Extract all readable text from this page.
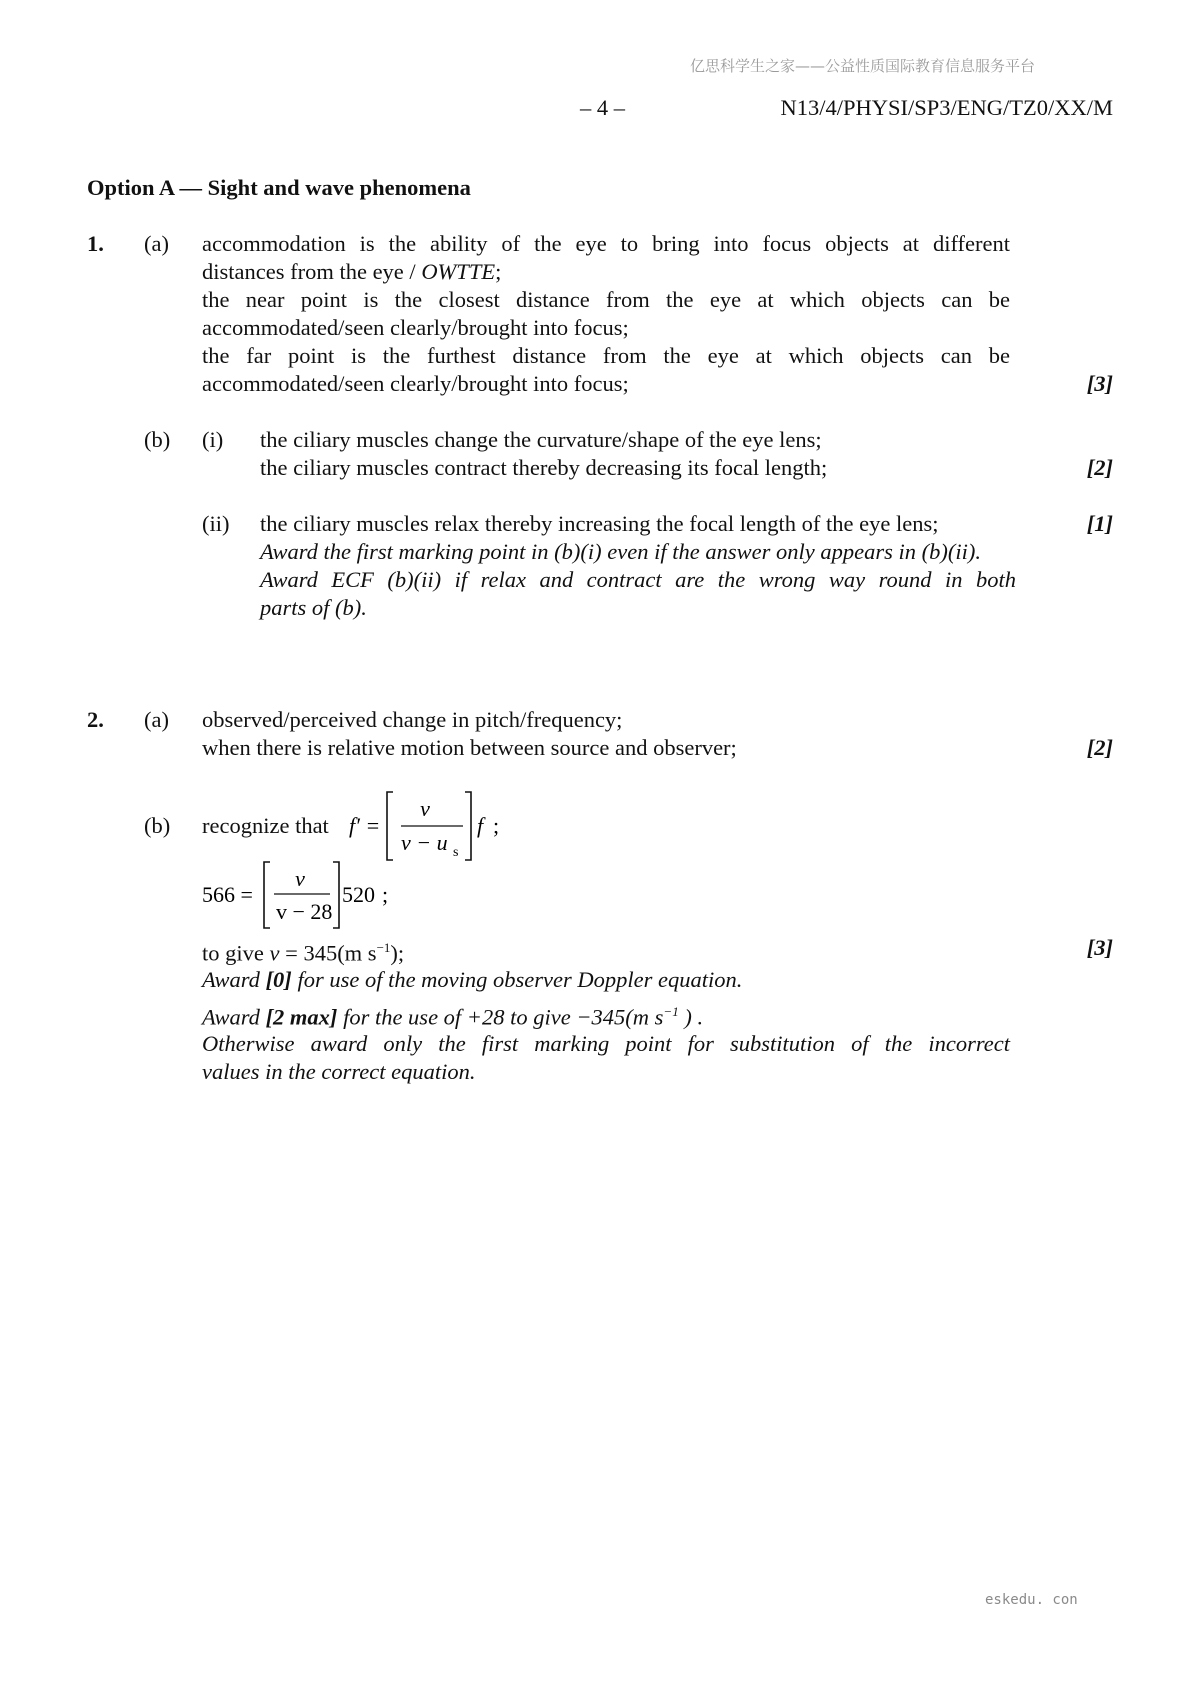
亿思科学生之家——公益性质国际教育信息服务平台
– 4 –	N13/4/PHYSI/SP3/ENG/TZ0/XX/M
Option A — Sight and wave phenomena
1. (a) accommodation is the ability of the eye to bring into focus objects at different
distances from the eye / OWTTE;
the near point is the closest distance from the eye at which objects can be
accommodated/seen clearly/brought into focus;
the far point is the furthest distance from the eye at which objects can be
accommodated/seen clearly/brought into focus;	[3]
(b) (i) the ciliary muscles change the curvature/shape of the eye lens;
the ciliary muscles contract thereby decreasing its focal length;	[2]
(ii) the ciliary muscles relax thereby increasing the focal length of the eye lens;	[1]
Award the first marking point in (b)(i) even if the answer only appears in (b)(ii).
Award ECF (b)(ii) if relax and contract are the wrong way round in both
parts of (b).
2. (a) observed/perceived change in pitch/frequency;
when there is relative motion between source and observer;	[2]
(b) recognize that f′ =
v
v − u s
f ;
566 =
v
v − 28
520 ;
to give v = 345(m $s^{-1}$);	[3]
Award [0] for use of the moving observer Doppler equation.
Award [2 max] for the use of +28 to give −345(m $s^{-1}$ ) .
Otherwise award only the first marking point for substitution of the incorrect
values in the correct equation.
eskedu. con
